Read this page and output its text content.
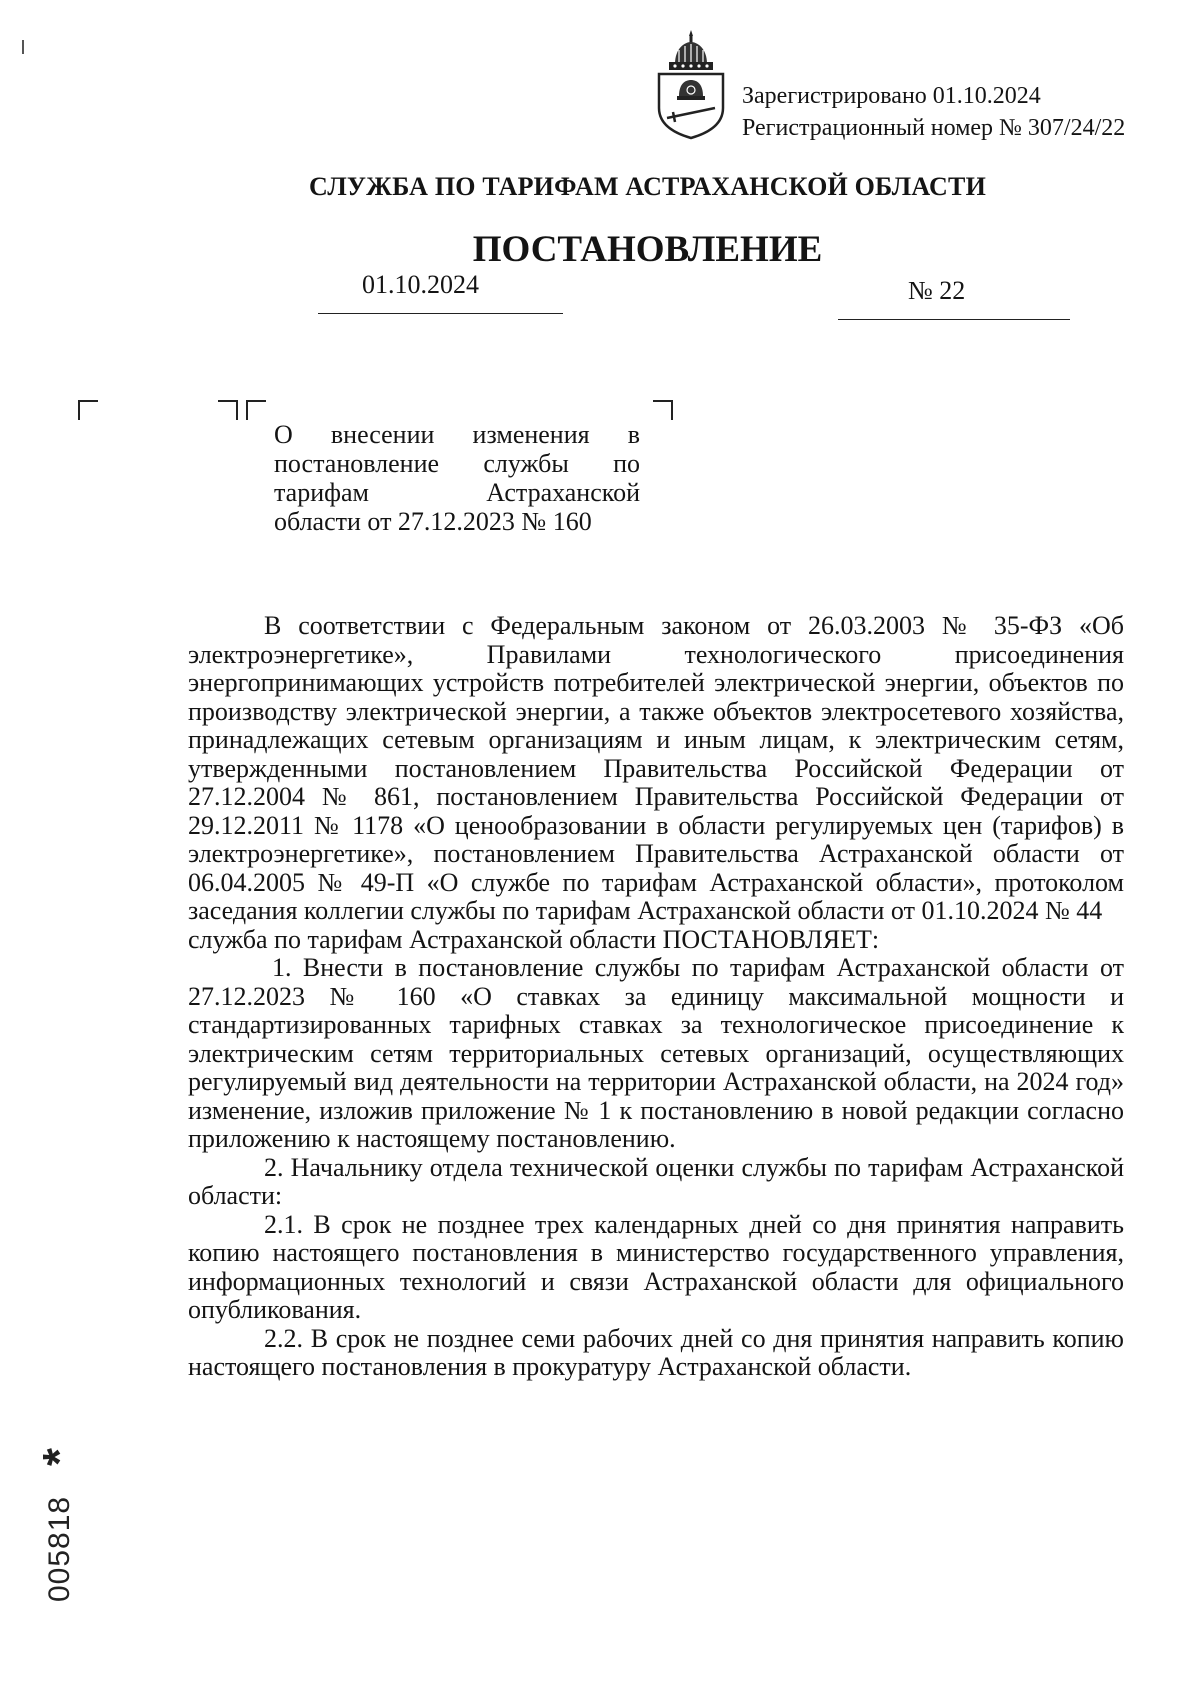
Зарегистрировано 01.10.2024
Регистрационный номер № 307/24/22
СЛУЖБА ПО ТАРИФАМ АСТРАХАНСКОЙ ОБЛАСТИ
ПОСТАНОВЛЕНИЕ
01.10.2024	№ 22
О внесении изменения в
постановление службы по
тарифам Астраханской
области от 27.12.2023 № 160

В соответствии с Федеральным законом от 26.03.2003 № 35-ФЗ «Об электроэнергетике», Правилами технологического присоединения энергопринимающих устройств потребителей электрической энергии, объектов по производству электрической энергии, а также объектов электросетевого хозяйства, принадлежащих сетевым организациям и иным лицам, к электрическим сетям, утвержденными постановлением Правительства Российской Федерации от 27.12.2004 № 861, постановлением Правительства Российской Федерации от 29.12.2011 № 1178 «О ценообразовании в области регулируемых цен (тарифов) в электроэнергетике», постановлением Правительства Астраханской области от 06.04.2005 № 49-П «О службе по тарифам Астраханской области», протоколом заседания коллегии службы по тарифам Астраханской области от 01.10.2024 № 44

служба по тарифам Астраханской области ПОСТАНОВЛЯЕТ:

1. Внести в постановление службы по тарифам Астраханской области от 27.12.2023 № 160 «О ставках за единицу максимальной мощности и стандартизированных тарифных ставках за технологическое присоединение к электрическим сетям территориальных сетевых организаций, осуществляющих регулируемый вид деятельности на территории Астраханской области, на 2024 год» изменение, изложив приложение № 1 к постановлению в новой редакции согласно приложению к настоящему постановлению.

2. Начальнику отдела технической оценки службы по тарифам Астраханской области:

2.1. В срок не позднее трех календарных дней со дня принятия направить копию настоящего постановления в министерство государственного управления, информационных технологий и связи Астраханской области для официального опубликования.

2.2. В срок не позднее семи рабочих дней со дня принятия направить копию настоящего постановления в прокуратуру Астраханской области.

*
005818
